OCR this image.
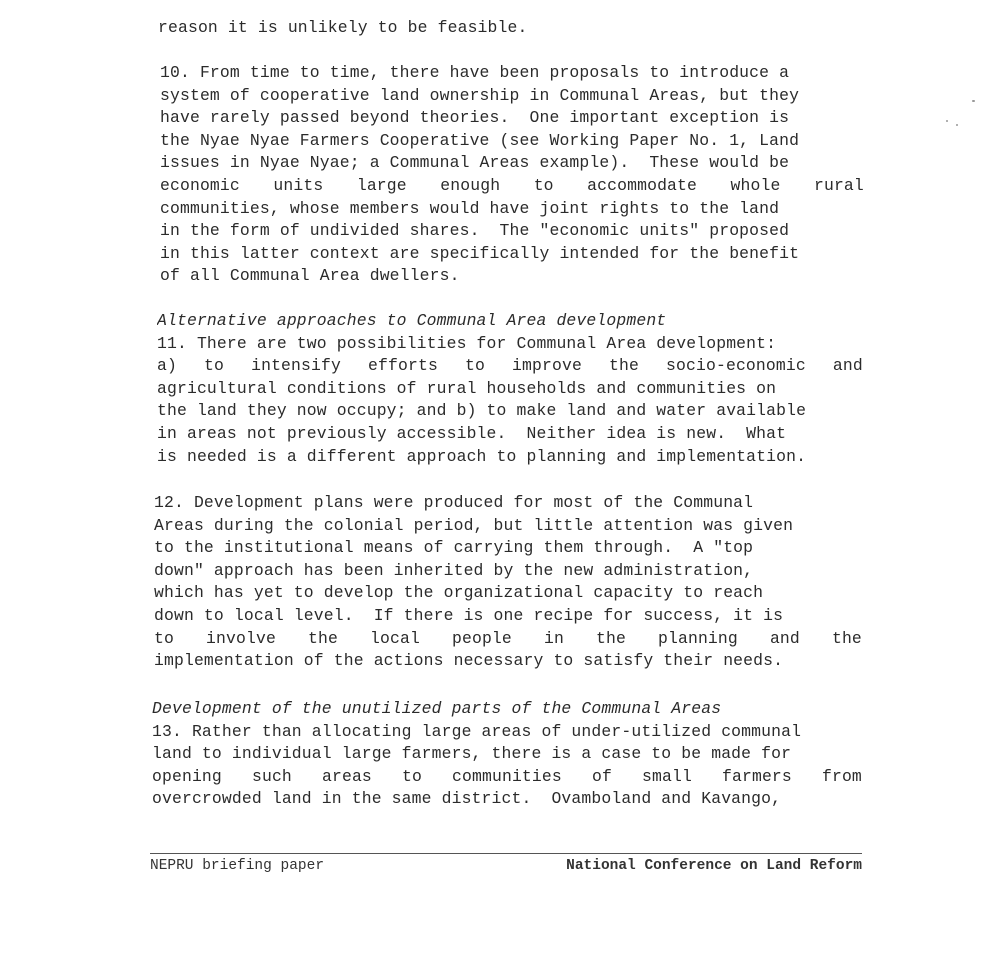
reason it is unlikely to be feasible.
10. From time to time, there have been proposals to introduce a
system of cooperative land ownership in Communal Areas, but they
have rarely passed beyond theories.  One important exception is
the Nyae Nyae Farmers Cooperative (see Working Paper No. 1, Land
issues in Nyae Nyae; a Communal Areas example).  These would be
economic units large enough to accommodate whole rural
communities, whose members would have joint rights to the land
in the form of undivided shares.  The "economic units" proposed
in this latter context are specifically intended for the benefit
of all Communal Area dwellers.
Alternative approaches to Communal Area development
11. There are two possibilities for Communal Area development:
a) to intensify efforts to improve the socio-economic and
agricultural conditions of rural households and communities on
the land they now occupy; and b) to make land and water available
in areas not previously accessible.  Neither idea is new.  What
is needed is a different approach to planning and implementation.
12. Development plans were produced for most of the Communal
Areas during the colonial period, but little attention was given
to the institutional means of carrying them through.  A "top
down" approach has been inherited by the new administration,
which has yet to develop the organizational capacity to reach
down to local level.  If there is one recipe for success, it is
to involve the local people in the planning and the
implementation of the actions necessary to satisfy their needs.
Development of the unutilized parts of the Communal Areas
13. Rather than allocating large areas of under-utilized communal
land to individual large farmers, there is a case to be made for
opening such areas to communities of small farmers from
overcrowded land in the same district.  Ovamboland and Kavango,
NEPRU briefing paper	National Conference on Land Reform
